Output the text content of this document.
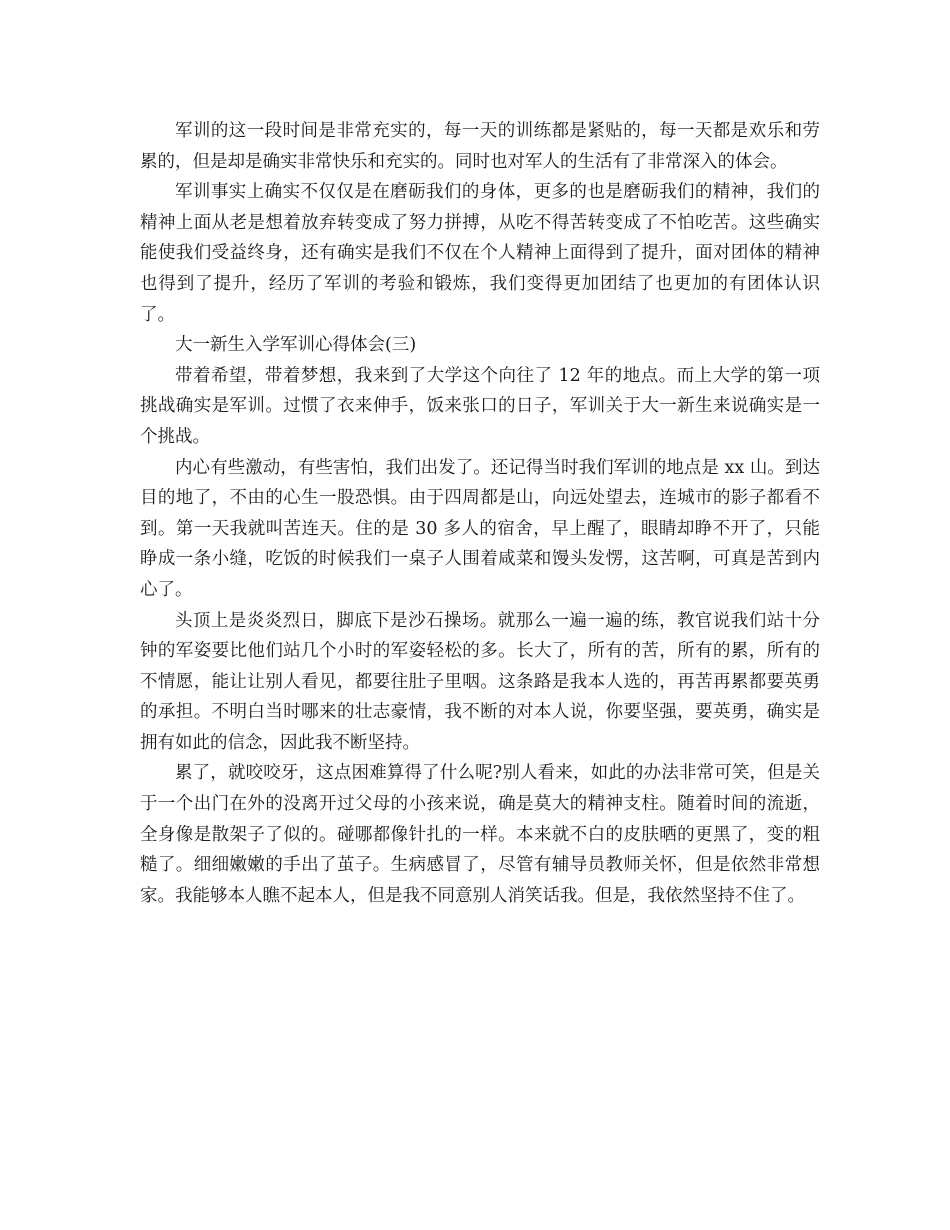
军训的这一段时间是非常充实的，每一天的训练都是紧贴的，每一天都是欢乐和劳累的，但是却是确实非常快乐和充实的。同时也对军人的生活有了非常深入的体会。

军训事实上确实不仅仅是在磨砺我们的身体，更多的也是磨砺我们的精神，我们的精神上面从老是想着放弃转变成了努力拼搏，从吃不得苦转变成了不怕吃苦。这些确实能使我们受益终身，还有确实是我们不仅在个人精神上面得到了提升，面对团体的精神也得到了提升，经历了军训的考验和锻炼，我们变得更加团结了也更加的有团体认识了。

大一新生入学军训心得体会(三)

带着希望，带着梦想，我来到了大学这个向往了 12 年的地点。而上大学的第一项挑战确实是军训。过惯了衣来伸手，饭来张口的日子，军训关于大一新生来说确实是一个挑战。

内心有些激动，有些害怕，我们出发了。还记得当时我们军训的地点是 xx 山。到达目的地了，不由的心生一股恐惧。由于四周都是山，向远处望去，连城市的影子都看不到。第一天我就叫苦连天。住的是 30 多人的宿舍，早上醒了，眼睛却睁不开了，只能睁成一条小缝，吃饭的时候我们一桌子人围着咸菜和馒头发愣，这苦啊，可真是苦到内心了。

头顶上是炎炎烈日，脚底下是沙石操场。就那么一遍一遍的练，教官说我们站十分钟的军姿要比他们站几个小时的军姿轻松的多。长大了，所有的苦，所有的累，所有的不情愿，能让让别人看见，都要往肚子里咽。这条路是我本人选的，再苦再累都要英勇的承担。不明白当时哪来的壮志豪情，我不断的对本人说，你要坚强，要英勇，确实是拥有如此的信念，因此我不断坚持。

累了，就咬咬牙，这点困难算得了什么呢?别人看来，如此的办法非常可笑，但是关于一个出门在外的没离开过父母的小孩来说，确是莫大的精神支柱。随着时间的流逝，全身像是散架子了似的。碰哪都像针扎的一样。本来就不白的皮肤晒的更黑了，变的粗糙了。细细嫩嫩的手出了茧子。生病感冒了，尽管有辅导员教师关怀，但是依然非常想家。我能够本人瞧不起本人，但是我不同意别人消笑话我。但是，我依然坚持不住了。
